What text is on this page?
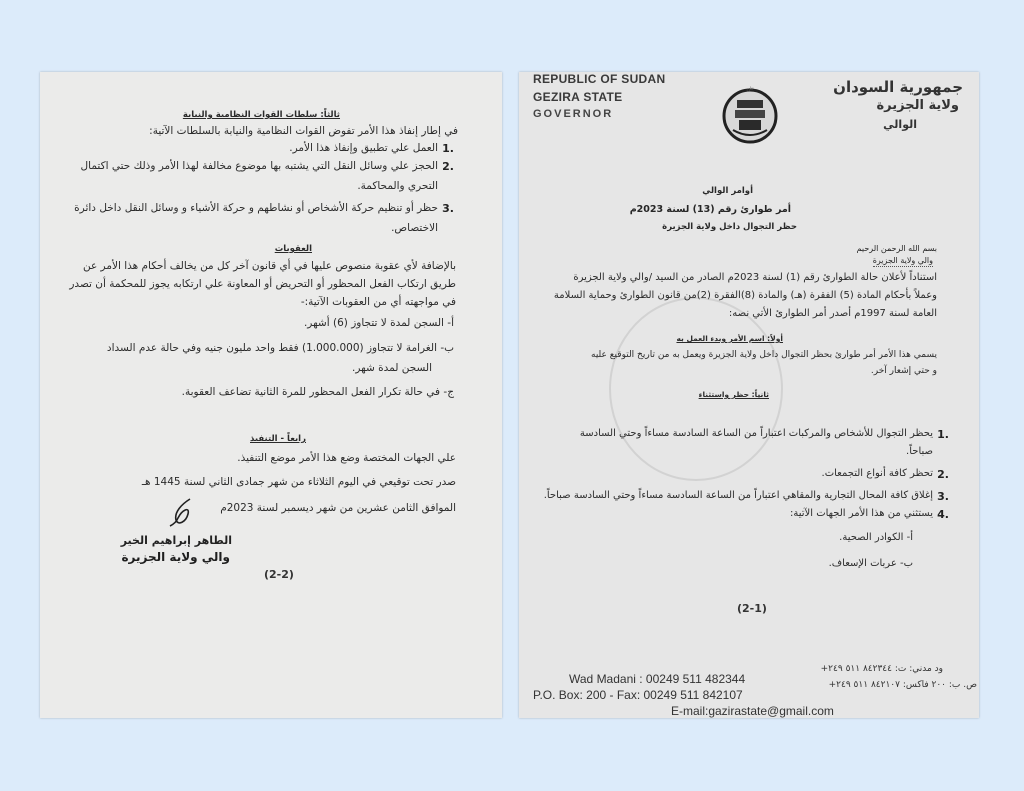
ثالثاً: سلطات القوات النظامية والنيابة
في إطار إنفاذ هذا الأمر تفوض القوات النظامية والنيابة بالسلطات الآتية:
1.
العمل علي تطبيق وإنفاذ هذا الأمر.
2.
الحجز علي وسائل النقل التي يشتبه بها موضوع مخالفة لهذا الأمر وذلك حتي اكتمال
التحري والمحاكمة.
3.
حظر أو تنظيم حركة الأشخاص أو نشاطهم و حركة الأشياء و وسائل النقل داخل دائرة
الاختصاص.
العقوبات
بالإضافة لأي عقوبة منصوص عليها في أي قانون آخر كل من يخالف أحكام هذا الأمر عن
طريق ارتكاب الفعل المحظور أو التحريض أو المعاونة علي ارتكابه يجوز للمحكمة أن تصدر
في مواجهته أي من العقوبات الآتية:-
أ- السجن لمدة لا تتجاوز (6) أشهر.
ب- الغرامة لا تتجاوز (1.000.000) فقط واحد مليون جنيه وفي حالة عدم السداد
السجن لمدة شهر.
ج- في حالة تكرار الفعل المحظور للمرة الثانية تضاعف العقوبة.
رابعاً - التنفيذ
علي الجهات المختصة وضع هذا الأمر موضع التنفيذ.
صدر تحت توقيعي في اليوم الثلاثاء من شهر جمادى الثاني لسنة 1445 هـ
الموافق الثامن عشرين من شهر ديسمبر لسنة 2023م
الطاهر إبراهيم الخير
والي ولاية الجزيرة
(2-2)
REPUBLIC OF SUDAN
GEZIRA STATE
GOVERNOR
ش	جمهورية السودان
ولاية الجزيرة
الوالي
أوامر الوالي
أمر طوارئ رقم (13) لسنة 2023م
حظر التجوال داخل ولاية الجزيرة
بسم الله الرحمن الرحيم
والي ولاية الجزيرة
استناداً لأعلان حالة الطوارئ رقم (1) لسنة 2023م الصادر من السيد /والي ولاية الجزيرة
وعملاً بأحكام المادة (5) الفقرة (هـ) والمادة (8)الفقرة (2)من قانون الطوارئ وحماية السلامة
العامة لسنة 1997م أصدر أمر الطوارئ الأتي نصه:
أولاً: اسم الأمر وبدء العمل به
يسمي هذا الأمر أمر طوارئ بحظر التجوال داخل ولاية الجزيرة ويعمل به من تاريخ التوقيع عليه
و حتي إشعار آخر.
ثانياً: حظر واستثناء
1.
يحظر التجوال للأشخاص والمركبات اعتباراً من الساعة السادسة مساءاً وحتي السادسة
صباحاً.
2.
تحظر كافة أنواع التجمعات.
3.
إغلاق كافة المحال التجارية والمقاهي اعتباراً من الساعة السادسة مساءاً وحتي السادسة صباحاً.
4.
يستثني من هذا الأمر الجهات الآتية:
أ- الكوادر الصحية.
ب- عربات الإسعاف.
(2-1)
Wad Madani : 00249 511 482344
P.O. Box: 200 - Fax: 00249 511 842107
E-mail:gazirastate@gmail.com
ود مدني: ت: ٨٤٢٣٤٤ ٥١١ ٢٤٩+
ص. ب: ٢٠٠ فاكس: ٨٤٢١٠٧ ٥١١ ٢٤٩+
